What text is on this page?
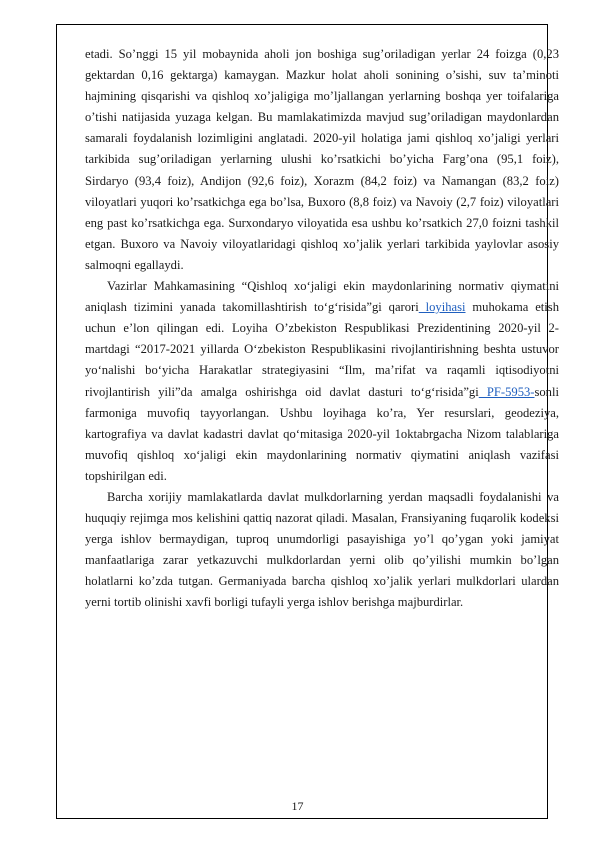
etadi. So’nggi 15 yil mobaynida aholi jon boshiga sug’oriladigan yerlar 24 foizga (0,23 gektardan 0,16 gektarga) kamaygan. Mazkur holat aholi sonining o’sishi, suv ta’minoti hajmining qisqarishi va qishloq xo’jaligiga mo’ljallangan yerlarning boshqa yer toifalariga o’tishi natijasida yuzaga kelgan. Bu mamlakatimizda mavjud sug’oriladigan maydonlardan samarali foydalanish lozimligini anglatadi. 2020-yil holatiga jami qishloq xo’jaligi yerlari tarkibida sug’oriladigan yerlarning ulushi ko’rsatkichi bo’yicha Farg’ona (95,1 foiz), Sirdaryo (93,4 foiz), Andijon (92,6 foiz), Xorazm (84,2 foiz) va Namangan (83,2 foiz) viloyatlari yuqori ko’rsatkichga ega bo’lsa, Buxoro (8,8 foiz) va Navoiy (2,7 foiz) viloyatlari eng past ko’rsatkichga ega. Surxondaryo viloyatida esa ushbu ko’rsatkich 27,0 foizni tashkil etgan. Buxoro va Navoiy viloyatlaridagi qishloq xo’jalik yerlari tarkibida yaylovlar asosiy salmoqni egallaydi.

Vazirlar Mahkamasining “Qishloq xo‘jaligi ekin maydonlarining normativ qiymatini aniqlash tizimini yanada takomillashtirish to‘g‘risida”gi qarori loyihasi muhokama etish uchun e’lon qilingan edi. Loyiha O’zbekiston Respublikasi Prezidentining 2020-yil 2-martdagi “2017-2021 yillarda O‘zbekiston Respublikasini rivojlantirishning beshta ustuvor yo‘nalishi bo‘yicha Harakatlar strategiyasini “Ilm, ma’rifat va raqamli iqtisodiyotni rivojlantirish yili”da amalga oshirishga oid davlat dasturi to‘g‘risida”gi PF-5953-sonli farmoniga muvofiq tayyorlangan. Ushbu loyihaga ko’ra, Yer resurslari, geodeziya, kartografiya va davlat kadastri davlat qo‘mitasiga 2020-yil 1oktabrgacha Nizom talablariga muvofiq qishloq xo‘jaligi ekin maydonlarining normativ qiymatini aniqlash vazifasi topshirilgan edi.

Barcha xorijiy mamlakatlarda davlat mulkdorlarning yerdan maqsadli foydalanishi va huquqiy rejimga mos kelishini qattiq nazorat qiladi. Masalan, Fransiyaning fuqarolik kodeksi yerga ishlov bermaydigan, tuproq unumdorligi pasayishiga yo’l qo’ygan yoki jamiyat manfaatlariga zarar yetkazuvchi mulkdorlardan yerni olib qo’yilishi mumkin bo’lgan holatlarni ko’zda tutgan. Germaniyada barcha qishloq xo’jalik yerlari mulkdorlari ulardan yerni tortib olinishi xavfi borligi tufayli yerga ishlov berishga majburdirlar.

17
